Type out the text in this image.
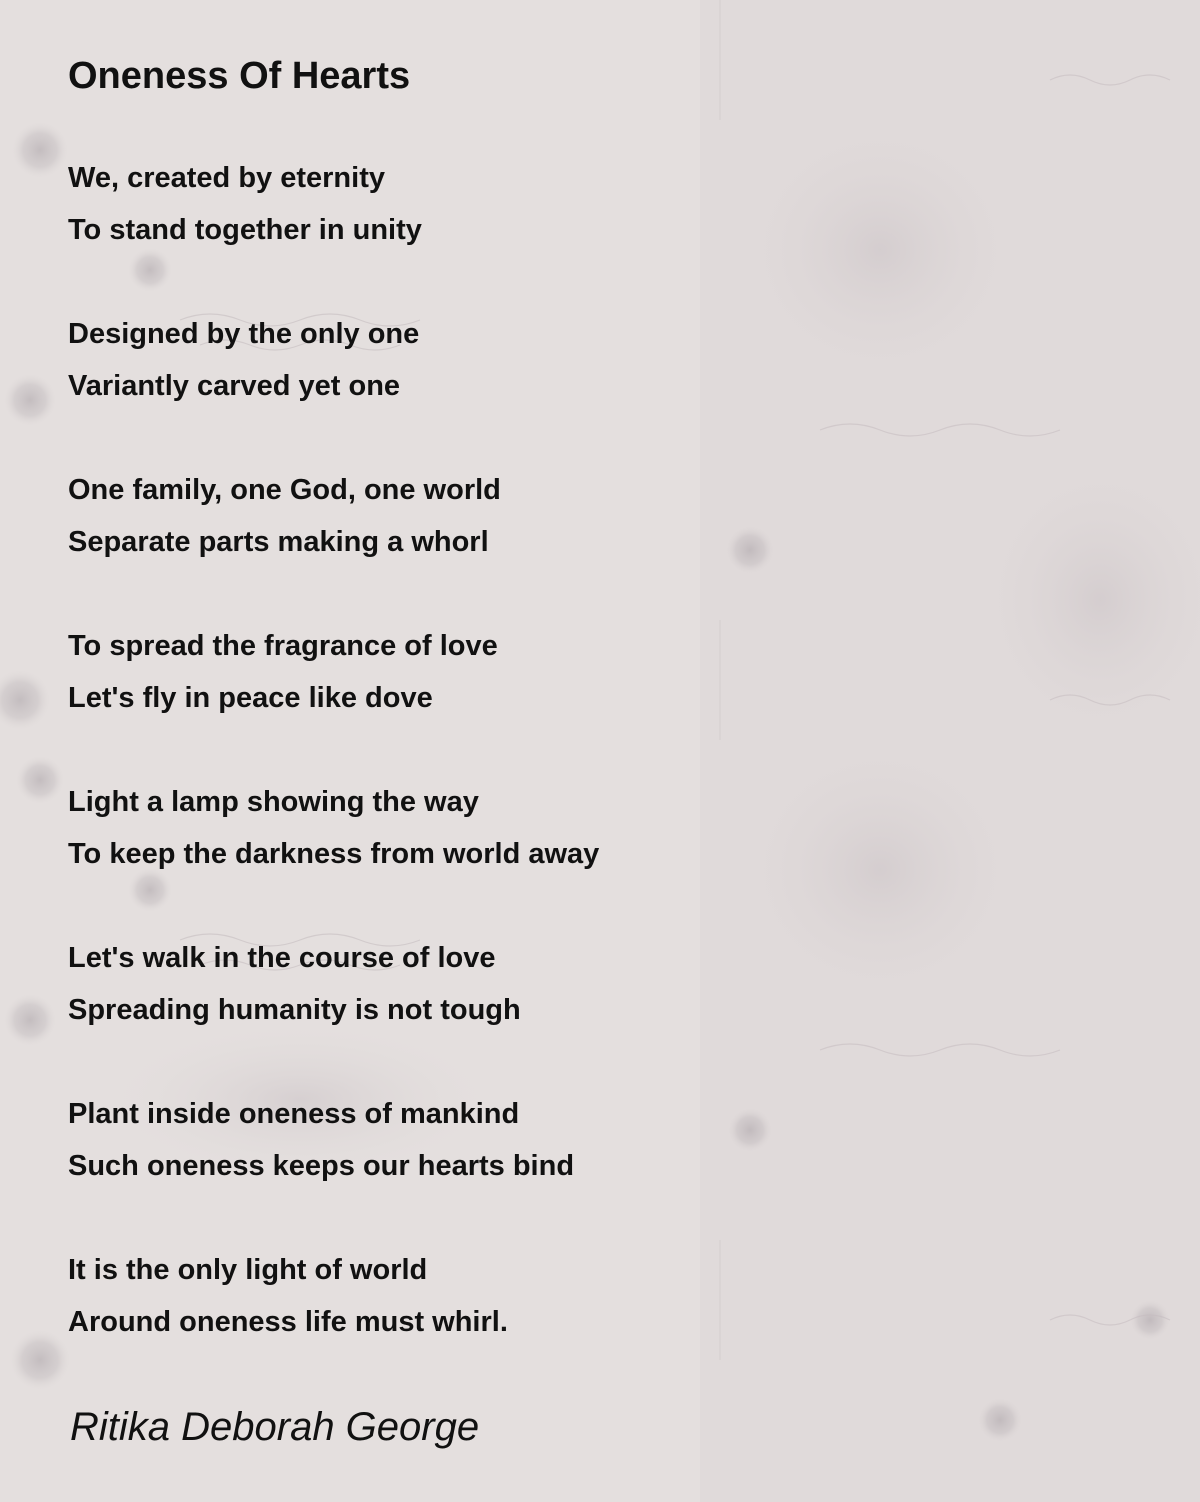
Oneness Of Hearts
We, created by eternity
To stand together in unity
Designed by the only one
Variantly carved yet one
One family, one God, one world
Separate parts making a whorl
To spread the fragrance of love
Let's fly in peace like dove
Light a lamp showing the way
To keep the darkness from world away
Let's walk in the course of love
Spreading humanity is not tough
Plant inside oneness of mankind
Such oneness keeps our hearts bind
It is the only light of world
Around oneness life must whirl.

Ritika Deborah George
